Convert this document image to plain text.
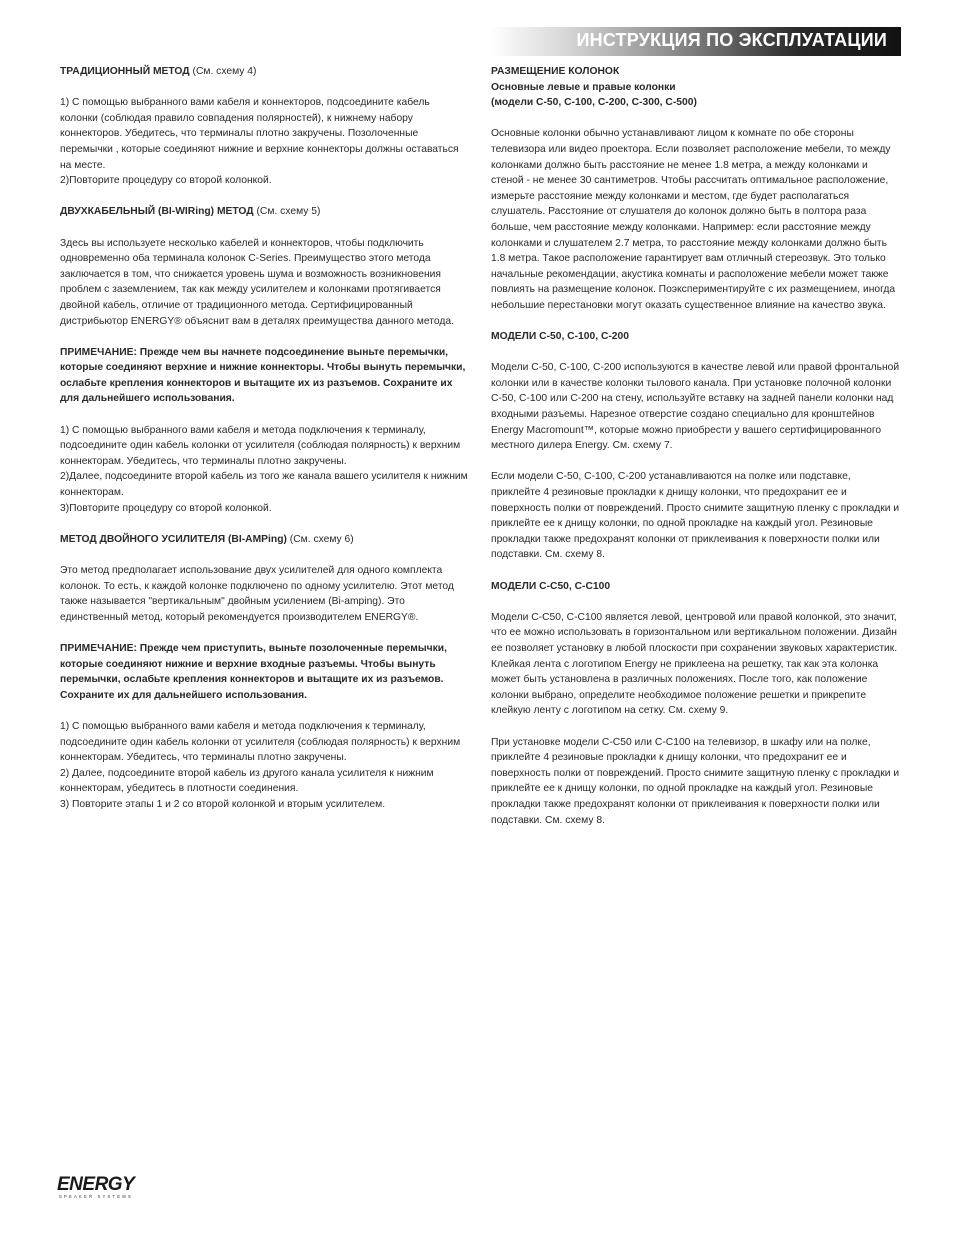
ИНСТРУКЦИЯ ПО ЭКСПЛУАТАЦИИ

ТРАДИЦИОННЫЙ МЕТОД (См. схему 4)

1) С помощью выбранного вами кабеля и коннекторов, подсоедините кабель колонки (соблюдая правило совпадения полярностей), к нижнему набору коннекторов. Убедитесь, что терминалы плотно закручены. Позолоченные перемычки , которые соединяют нижние и верхние коннекторы должны оставаться на месте.
2)Повторите процедуру со второй колонкой.

ДВУХКАБЕЛЬНЫЙ (BI-WIRing) МЕТОД (См. схему 5)

Здесь вы используете несколько кабелей и коннекторов, чтобы подключить одновременно оба терминала колонок C-Series. Преимущество этого метода заключается в том, что снижается уровень шума и возможность возникновения проблем с заземлением, так как между усилителем и колонками протягивается двойной кабель, отличие от традиционного метода. Сертифицированный дистрибьютор ENERGY® объяснит вам в деталях преимущества данного метода.

ПРИМЕЧАНИЕ: Прежде чем вы начнете подсоединение выньте перемычки, которые соединяют верхние и нижние коннекторы. Чтобы вынуть перемычки, ослабьте крепления коннекторов и вытащите их из разъемов. Сохраните их для дальнейшего использования.

1) С помощью выбранного вами кабеля и метода подключения к терминалу, подсоедините один кабель колонки от усилителя (соблюдая полярность) к верхним коннекторам. Убедитесь, что терминалы плотно закручены.
2)Далее, подсоедините второй кабель из того же канала вашего усилителя к нижним коннекторам.
3)Повторите процедуру со второй колонкой.

МЕТОД ДВОЙНОГО УСИЛИТЕЛЯ (BI-AMPing) (См. схему 6)

Это метод предполагает использование двух усилителей для одного комплекта колонок. То есть, к каждой колонке подключено по одному усилителю. Этот метод также называется "вертикальным" двойным усилением (Bi-amping). Это единственный метод, который рекомендуется производителем ENERGY®.

ПРИМЕЧАНИЕ: Прежде чем приступить, выньте позолоченные перемычки, которые соединяют нижние и верхние входные разъемы. Чтобы вынуть перемычки, ослабьте крепления коннекторов и вытащите их из разъемов. Сохраните их для дальнейшего использования.

1) С помощью выбранного вами кабеля и метода подключения к терминалу, подсоедините один кабель колонки от усилителя (соблюдая полярность) к верхним коннекторам. Убедитесь, что терминалы плотно закручены.
2) Далее, подсоедините второй кабель из другого канала усилителя к нижним коннекторам, убедитесь в плотности соединения.
3) Повторите этапы 1 и 2 со второй колонкой и вторым усилителем.

РАЗМЕЩЕНИЕ КОЛОНОК
Основные левые и правые колонки
(модели C-50, C-100, C-200, C-300, C-500)

Основные колонки обычно устанавливают лицом к комнате по обе стороны телевизора или видео проектора. Если позволяет расположение мебели, то между колонками должно быть расстояние не менее 1.8 метра, а между колонками и стеной - не менее 30 сантиметров. Чтобы рассчитать оптимальное расположение, измерьте расстояние между колонками и местом, где будет располагаться слушатель. Расстояние от слушателя до колонок должно быть в полтора раза больше, чем расстояние между колонками. Например: если расстояние между колонками и слушателем 2.7 метра, то расстояние между колонками должно быть 1.8 метра. Такое расположение гарантирует вам отличный стереозвук. Это только начальные рекомендации, акустика комнаты и расположение мебели может также повлиять на размещение колонок. Поэкспериментируйте с их размещением, иногда небольшие перестановки могут оказать существенное влияние на качество звука.

МОДЕЛИ C-50, C-100, C-200

Модели C-50, C-100, C-200 используются в качестве левой или правой фронтальной колонки или в качестве колонки тылового канала. При установке полочной колонки C-50, C-100 или C-200 на стену, используйте вставку на задней панели колонки над входными разъемы. Нарезное отверстие создано специально для кронштейнов Energy Macromount™, которые можно приобрести у вашего сертифицированного местного дилера Energy. См. схему 7.

Если модели C-50, C-100, C-200 устанавливаются на полке или подставке, приклейте 4 резиновые прокладки к днищу колонки, что предохранит ее и поверхность полки от повреждений. Просто снимите защитную пленку с прокладки и приклейте ее к днищу колонки, по одной прокладке на каждый угол. Резиновые прокладки также предохранят колонки от приклеивания к поверхности полки или подставки. См. схему 8.

МОДЕЛИ C-C50, C-C100

Модели C-C50, C-C100 является левой, центровой или правой колонкой, это значит, что ее можно использовать в горизонтальном или вертикальном положении. Дизайн ее позволяет установку в любой плоскости при сохранении звуковых характеристик.
Клейкая лента с логотипом Energy не приклеена на решетку, так как эта колонка может быть установлена в различных положениях. После того, как положение колонки выбрано, определите необходимое положение решетки и прикрепите клейкую ленту с логотипом на сетку. См. схему 9.

При установке модели C-C50 или C-C100 на телевизор, в шкафу или на полке, приклейте 4 резиновые прокладки к днищу колонки, что предохранит ее и поверхность полки от повреждений. Просто снимите защитную пленку с прокладки и приклейте ее к днищу колонки, по одной прокладке на каждый угол. Резиновые прокладки также предохранят колонки от приклеивания к поверхности полки или подставки. См. схему 8.

ENERGY
SPEAKER SYSTEMS
